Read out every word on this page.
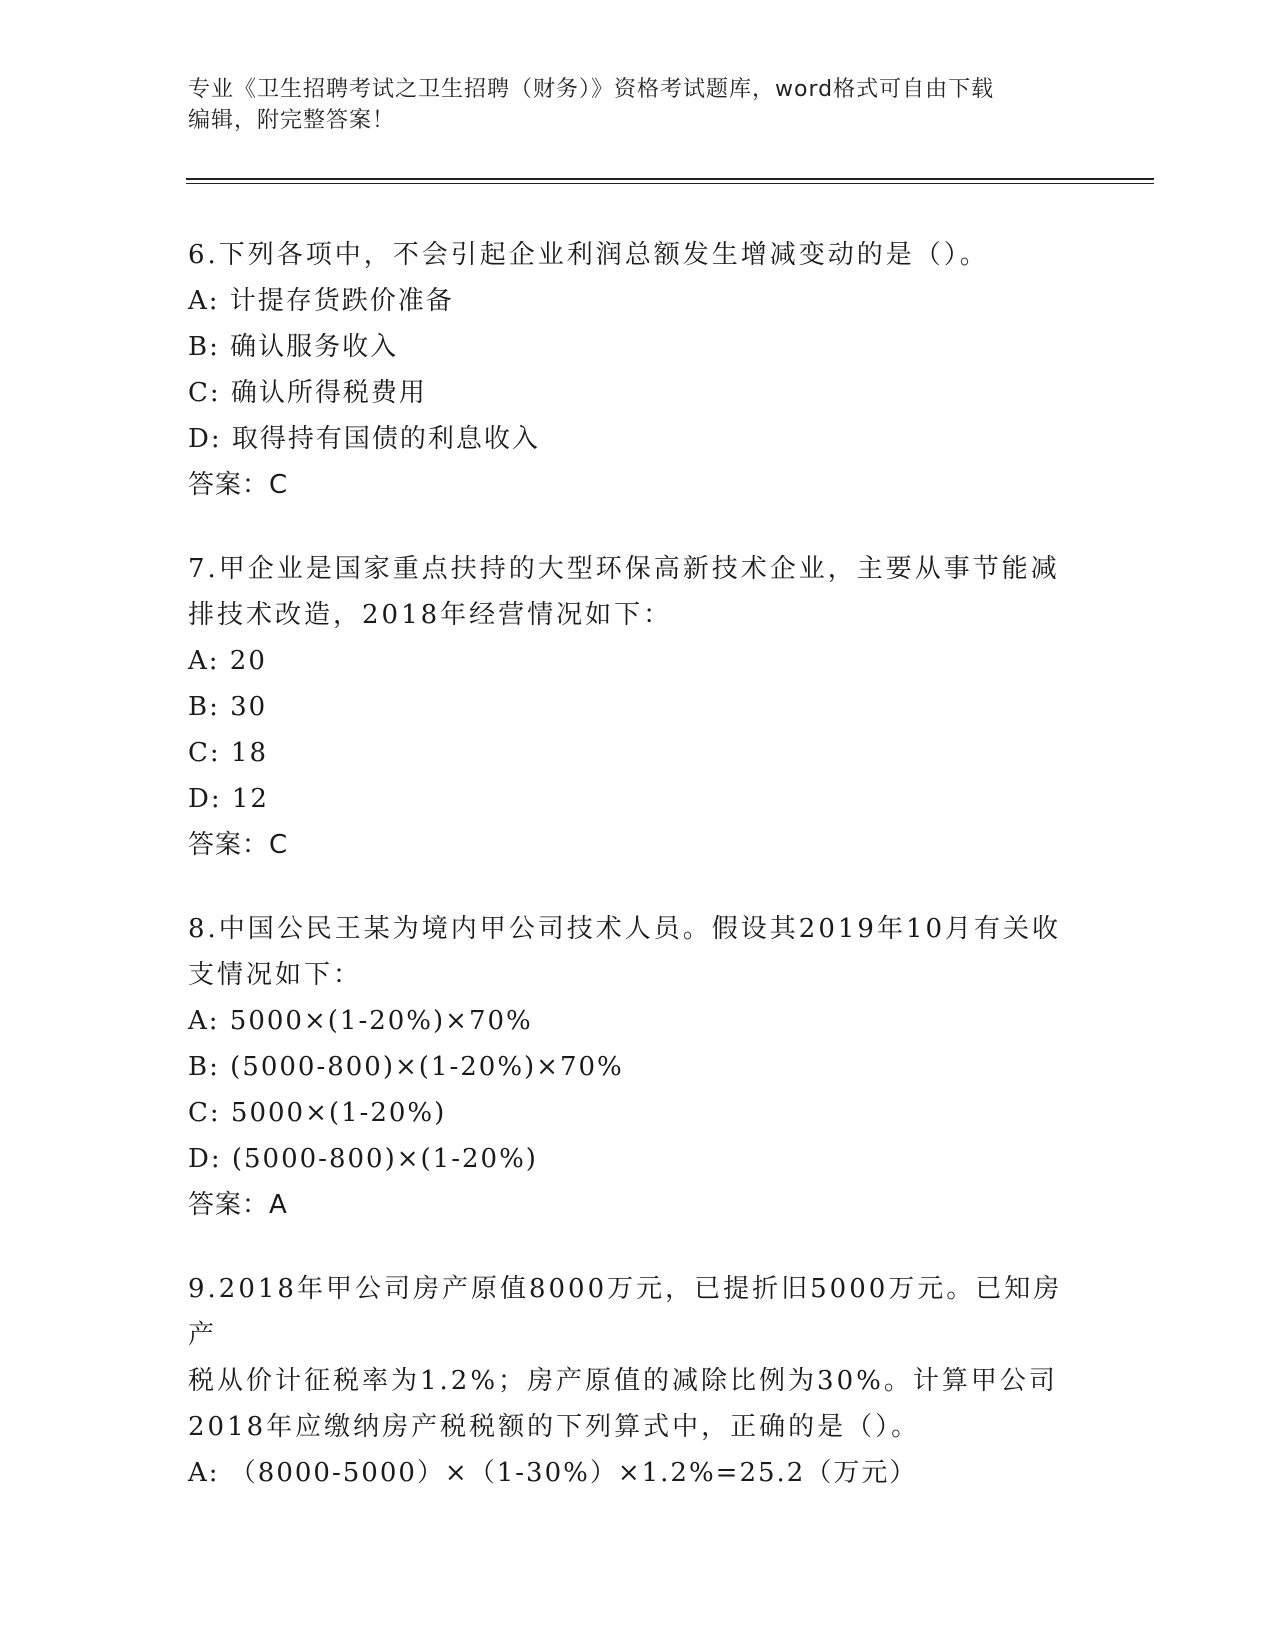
专业《卫生招聘考试之卫生招聘（财务）》资格考试题库，word格式可自由下载
编辑，附完整答案！

6.下列各项中，不会引起企业利润总额发生增减变动的是（）。

A: 计提存货跌价准备

B: 确认服务收入

C: 确认所得税费用

D: 取得持有国债的利息收入

答案：C

7.甲企业是国家重点扶持的大型环保高新技术企业，主要从事节能减

排技术改造，2018年经营情况如下：

A: 20

B: 30

C: 18

D: 12

答案：C

8.中国公民王某为境内甲公司技术人员。假设其2019年10月有关收

支情况如下：

A: 5000×(1-20%)×70%

B: (5000-800)×(1-20%)×70%

C: 5000×(1-20%)

D: (5000-800)×(1-20%)

答案：A

9.2018年甲公司房产原值8000万元，已提折旧5000万元。已知房产

税从价计征税率为1.2%；房产原值的减除比例为30%。计算甲公司

2018年应缴纳房产税税额的下列算式中，正确的是（）。

A: （8000-5000）×（1-30%）×1.2%=25.2（万元）
